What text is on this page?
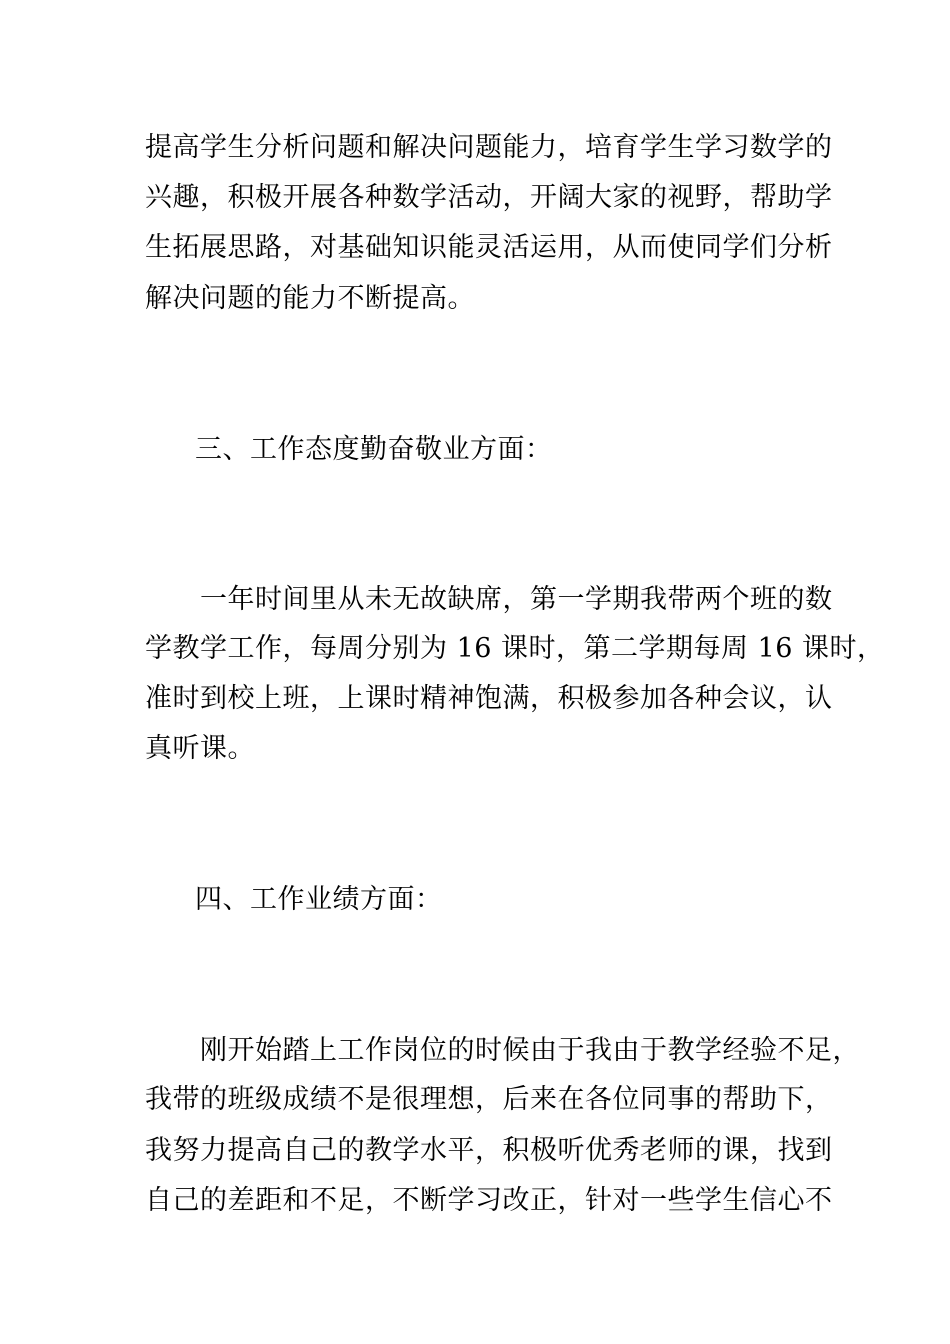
提高学生分析问题和解决问题能力，培育学生学习数学的
兴趣，积极开展各种数学活动，开阔大家的视野，帮助学
生拓展思路，对基础知识能灵活运用，从而使同学们分析
解决问题的能力不断提高。
三、工作态度勤奋敬业方面：
一年时间里从未无故缺席，第一学期我带两个班的数
学教学工作，每周分别为 16 课时，第二学期每周 16 课时，
准时到校上班，上课时精神饱满，积极参加各种会议，认
真听课。
四、工作业绩方面：
刚开始踏上工作岗位的时候由于我由于教学经验不足，
我带的班级成绩不是很理想，后来在各位同事的帮助下，
我努力提高自己的教学水平，积极听优秀老师的课，找到
自己的差距和不足，不断学习改正，针对一些学生信心不
